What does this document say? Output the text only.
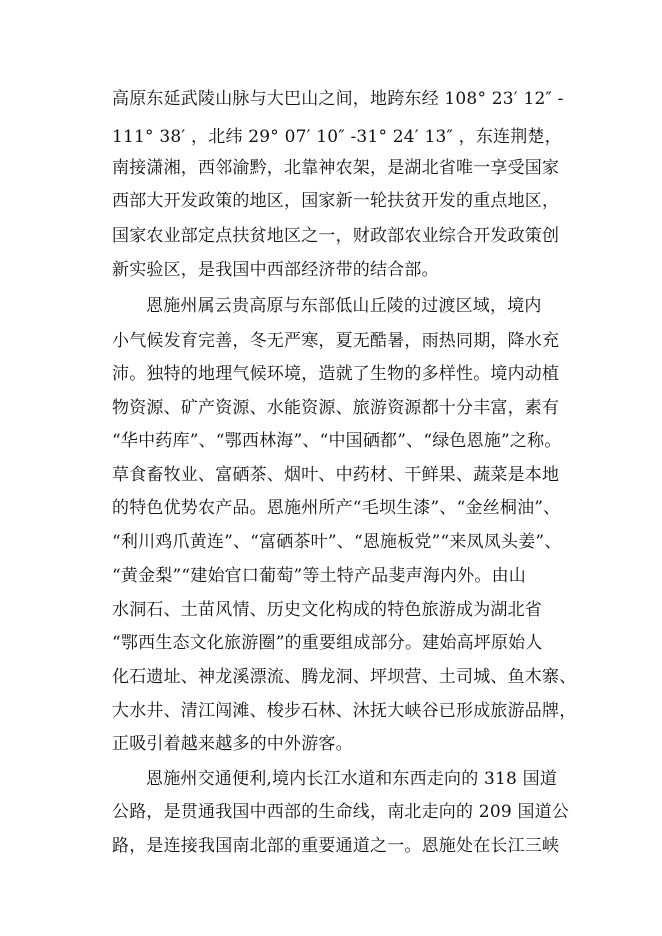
高原东延武陵山脉与大巴山之间，地跨东经 108° 23′ 12″ -
111° 38′ ，北纬 29° 07′ 10″ -31° 24′ 13″ ，东连荆楚，
南接潇湘，西邻渝黔，北靠神农架，是湖北省唯一享受国家
西部大开发政策的地区，国家新一轮扶贫开发的重点地区，
国家农业部定点扶贫地区之一，财政部农业综合开发政策创
新实验区，是我国中西部经济带的结合部。
恩施州属云贵高原与东部低山丘陵的过渡区域，境内
小气候发育完善，冬无严寒，夏无酷暑，雨热同期，降水充
沛。独特的地理气候环境，造就了生物的多样性。境内动植
物资源、矿产资源、水能资源、旅游资源都十分丰富，素有
“华中药库”、“鄂西林海”、“中国硒都”、“绿色恩施”之称。
草食畜牧业、富硒茶、烟叶、中药材、干鲜果、蔬菜是本地
的特色优势农产品。恩施州所产“毛坝生漆”、“金丝桐油”、
“利川鸡爪黄连”、“富硒茶叶”、“恩施板党”“来凤凤头姜”、
“黄金梨”“建始官口葡萄”等土特产品斐声海内外。由山
水洞石、土苗风情、历史文化构成的特色旅游成为湖北省
“鄂西生态文化旅游圈”的重要组成部分。建始高坪原始人
化石遗址、神龙溪漂流、腾龙洞、坪坝营、土司城、鱼木寨、
大水井、清江闯滩、梭步石林、沐抚大峡谷已形成旅游品牌，
正吸引着越来越多的中外游客。
恩施州交通便利,境内长江水道和东西走向的 318 国道
公路，是贯通我国中西部的生命线，南北走向的 209 国道公
路，是连接我国南北部的重要通道之一。恩施处在长江三峡
